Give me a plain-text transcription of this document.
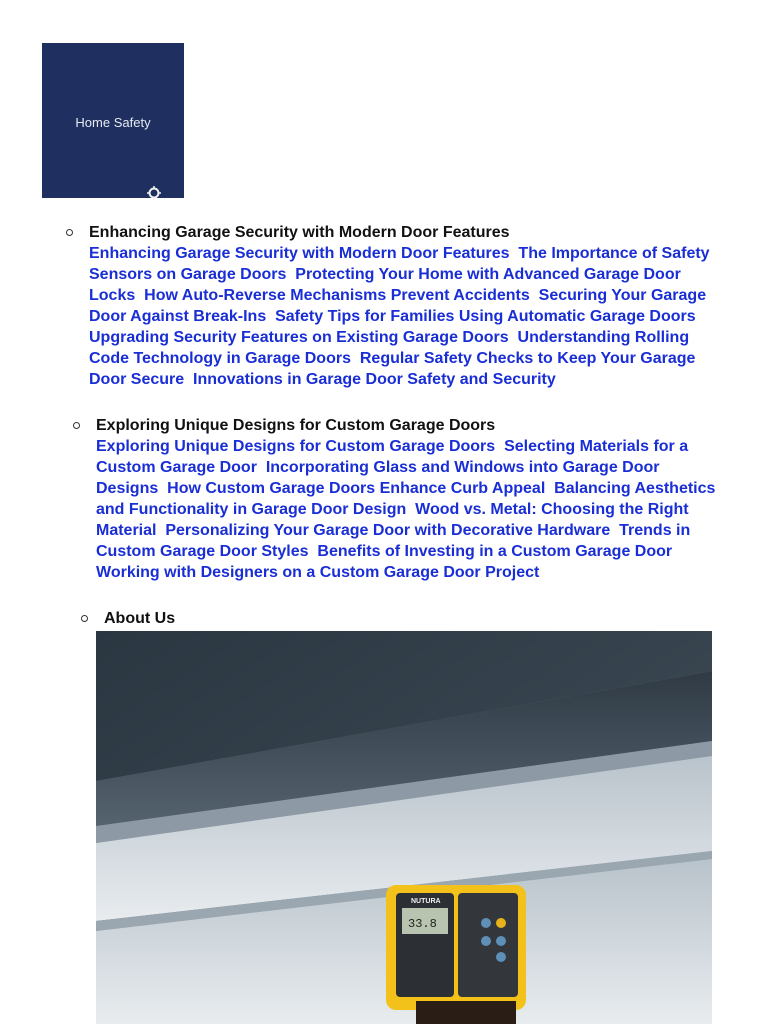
Home Safety
Enhancing Garage Security with Modern Door Features

Enhancing Garage Security with Modern Door Features The Importance of Safety Sensors on Garage Doors Protecting Your Home with Advanced Garage Door Locks How Auto-Reverse Mechanisms Prevent Accidents Securing Your Garage Door Against Break-Ins Safety Tips for Families Using Automatic Garage Doors  Upgrading Security Features on Existing Garage Doors Understanding Rolling Code Technology in Garage Doors Regular Safety Checks to Keep Your Garage Door Secure Innovations in Garage Door Safety and Security

Exploring Unique Designs for Custom Garage Doors

Exploring Unique Designs for Custom Garage Doors Selecting Materials for a Custom Garage Door Incorporating Glass and Windows into Garage Door Designs How Custom Garage Doors Enhance Curb Appeal Balancing Aesthetics and Functionality in Garage Door Design Wood vs. Metal: Choosing the Right Material Personalizing Your Garage Door with Decorative Hardware Trends in Custom Garage Door Styles Benefits of Investing in a Custom Garage Door  Working with Designers on a Custom Garage Door Project

About Us
NUTURA
33.8
